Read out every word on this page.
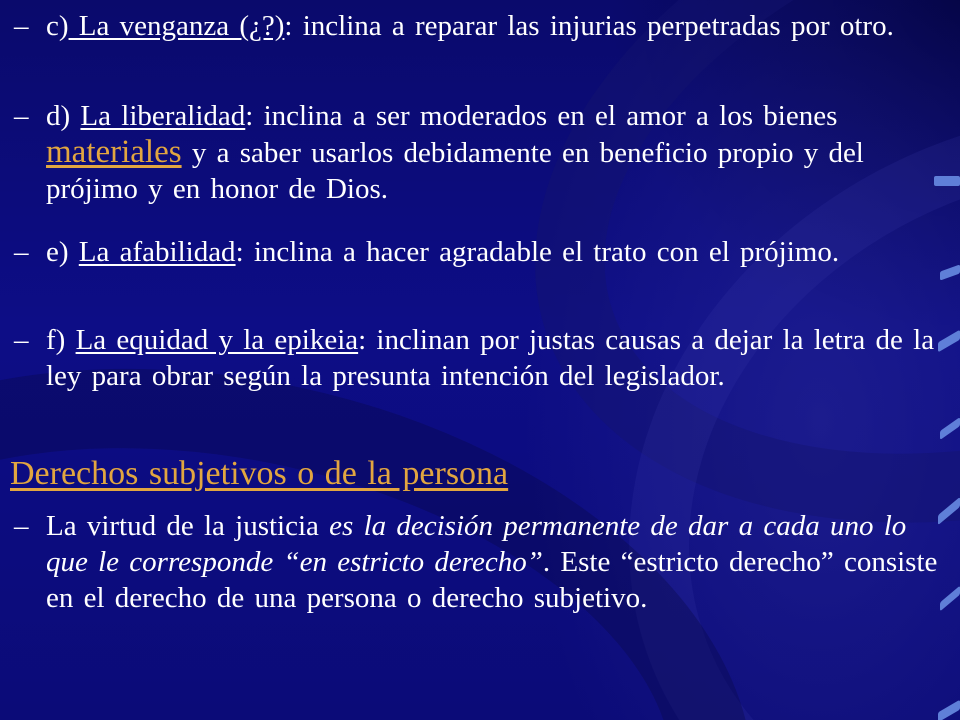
– c) La venganza (¿?): inclina a reparar las injurias perpetradas por otro.
– d) La liberalidad: inclina a ser moderados en el amor a los bienes materiales y a saber usarlos debidamente en beneficio propio y del prójimo y en honor de Dios.
– e) La afabilidad: inclina a hacer agradable el trato con el prójimo.
– f) La equidad y la epikeia: inclinan por justas causas a dejar la letra de la ley para obrar según la presunta intención del legislador.
Derechos subjetivos o de la persona
– La virtud de la justicia es la decisión permanente de dar a cada uno lo que le corresponde “en estricto derecho”. Este “estricto derecho” consiste en el derecho de una persona o derecho subjetivo.
